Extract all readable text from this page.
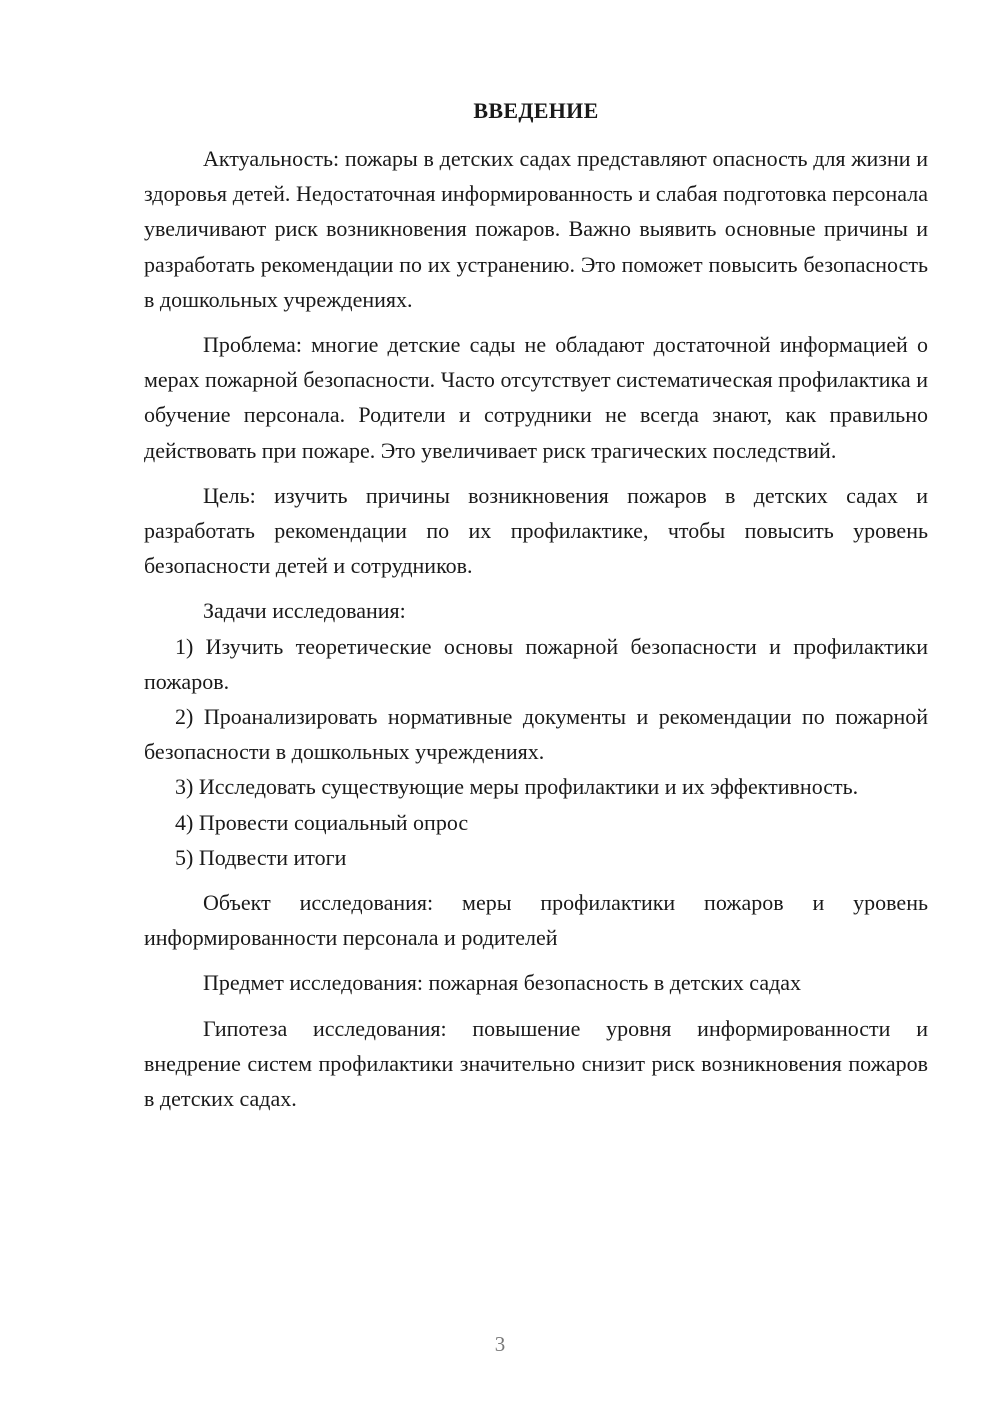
ВВЕДЕНИЕ

Актуальность: пожары в детских садах представляют опасность для жизни и здоровья детей. Недостаточная информированность и слабая подготовка персонала увеличивают риск возникновения пожаров. Важно выявить основные причины и разработать рекомендации по их устранению. Это поможет повысить безопасность в дошкольных учреждениях.

Проблема: многие детские сады не обладают достаточной информацией о мерах пожарной безопасности. Часто отсутствует систематическая профилактика и обучение персонала. Родители и сотрудники не всегда знают, как правильно действовать при пожаре. Это увеличивает риск трагических последствий.

Цель: изучить причины возникновения пожаров в детских садах и разработать рекомендации по их профилактике, чтобы повысить уровень безопасности детей и сотрудников.

Задачи исследования:

1) Изучить теоретические основы пожарной безопасности и профилактики пожаров.

2) Проанализировать нормативные документы и рекомендации по пожарной безопасности в дошкольных учреждениях.

3) Исследовать существующие меры профилактики и их эффективность.

4) Провести социальный опрос

5) Подвести итоги

Объект исследования: меры профилактики пожаров и уровень информированности персонала и родителей

Предмет исследования: пожарная безопасность в детских садах

Гипотеза исследования: повышение уровня информированности и внедрение систем профилактики значительно снизит риск возникновения пожаров в детских садах.

3
